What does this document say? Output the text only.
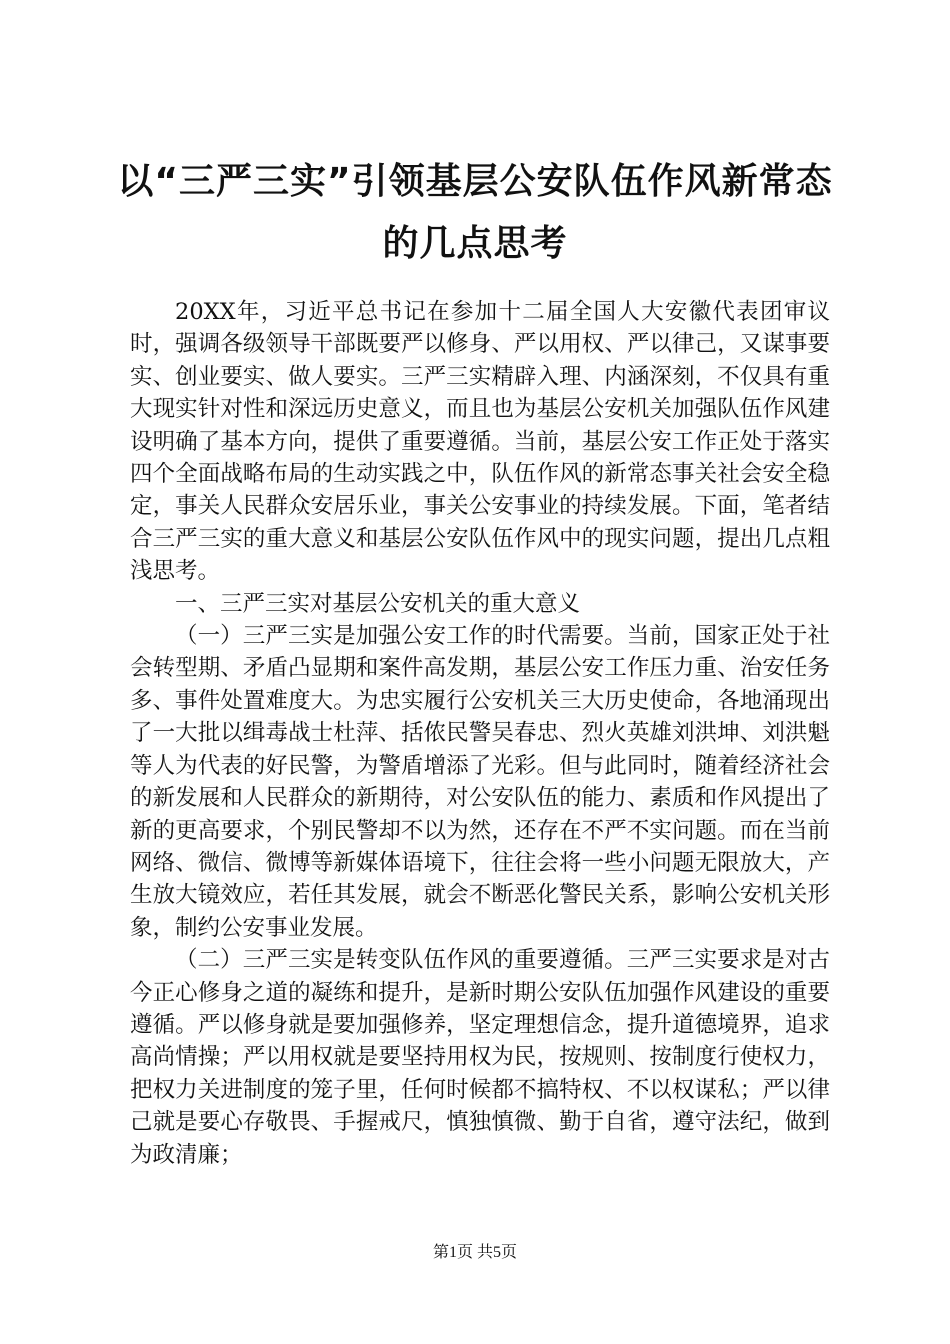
以“三严三实”引领基层公安队伍作风新常态
的几点思考

20XX年，习近平总书记在参加十二届全国人大安徽代表团审议时，强调各级领导干部既要严以修身、严以用权、严以律己，又谋事要实、创业要实、做人要实。三严三实精辟入理、内涵深刻，不仅具有重大现实针对性和深远历史意义，而且也为基层公安机关加强队伍作风建设明确了基本方向，提供了重要遵循。当前，基层公安工作正处于落实四个全面战略布局的生动实践之中，队伍作风的新常态事关社会安全稳定，事关人民群众安居乐业，事关公安事业的持续发展。下面，笔者结合三严三实的重大意义和基层公安队伍作风中的现实问题，提出几点粗浅思考。

一、三严三实对基层公安机关的重大意义

（一）三严三实是加强公安工作的时代需要。当前，国家正处于社会转型期、矛盾凸显期和案件高发期，基层公安工作压力重、治安任务多、事件处置难度大。为忠实履行公安机关三大历史使命，各地涌现出了一大批以缉毒战士杜萍、括侬民警吴春忠、烈火英雄刘洪坤、刘洪魁等人为代表的好民警，为警盾增添了光彩。但与此同时，随着经济社会的新发展和人民群众的新期待，对公安队伍的能力、素质和作风提出了新的更高要求，个别民警却不以为然，还存在不严不实问题。而在当前网络、微信、微博等新媒体语境下，往往会将一些小问题无限放大，产生放大镜效应，若任其发展，就会不断恶化警民关系，影响公安机关形象，制约公安事业发展。

（二）三严三实是转变队伍作风的重要遵循。三严三实要求是对古今正心修身之道的凝练和提升，是新时期公安队伍加强作风建设的重要遵循。严以修身就是要加强修养，坚定理想信念，提升道德境界，追求高尚情操；严以用权就是要坚持用权为民，按规则、按制度行使权力，把权力关进制度的笼子里，任何时候都不搞特权、不以权谋私；严以律己就是要心存敬畏、手握戒尺，慎独慎微、勤于自省，遵守法纪，做到为政清廉；

第1页 共5页
